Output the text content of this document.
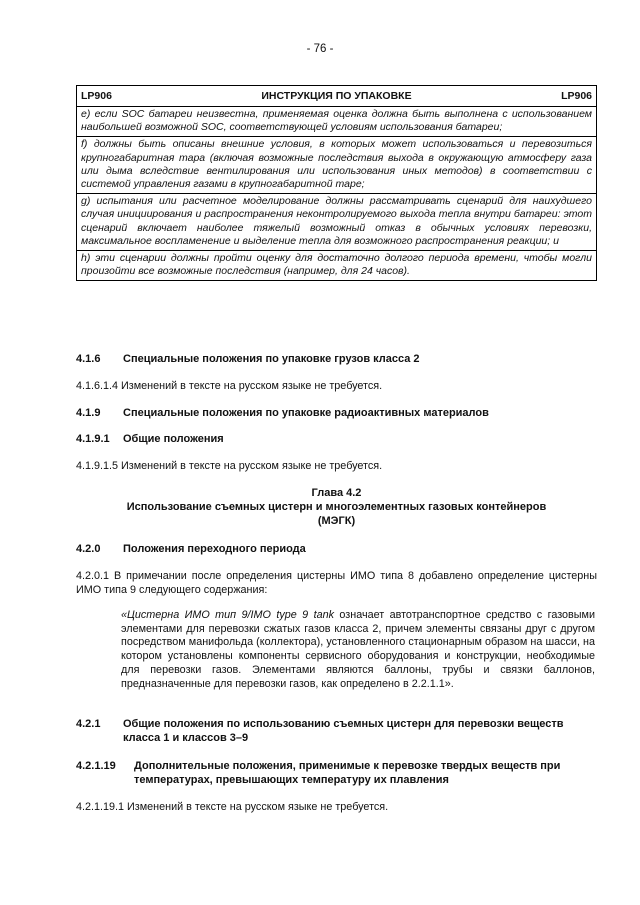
- 76 -
LP906	ИНСТРУКЦИЯ ПО УПАКОВКЕ	LP906
e) если SOC батареи неизвестна, применяемая оценка должна быть выполнена с использованием наибольшей возможной SOC, соответствующей условиям использования батареи;
f) должны быть описаны внешние условия, в которых может использоваться и перевозиться крупногабаритная тара (включая возможные последствия выхода в окружающую атмосферу газа или дыма вследствие вентилирования или использования иных методов) в соответствии с системой управления газами в крупногабаритной таре;
g) испытания или расчетное моделирование должны рассматривать сценарий для наихудшего случая инициирования и распространения неконтролируемого выхода тепла внутри батареи: этот сценарий включает наиболее тяжелый возможный отказ в обычных условиях перевозки, максимальное воспламенение и выделение тепла для возможного распространения реакции; и
h) эти сценарии должны пройти оценку для достаточно долгого периода времени, чтобы могли произойти все возможные последствия (например, для 24 часов).
4.1.6	Специальные положения по упаковке грузов класса 2
4.1.6.1.4 Изменений в тексте на русском языке не требуется.
4.1.9	Специальные положения по упаковке радиоактивных материалов
4.1.9.1	Общие положения
4.1.9.1.5 Изменений в тексте на русском языке не требуется.
Глава 4.2
Использование съемных цистерн и многоэлементных газовых контейнеров
(МЭГК)
4.2.0	Положения переходного периода
4.2.0.1 В примечании после определения цистерны ИМО типа 8 добавлено определение цистерны ИМО типа 9 следующего содержания:
«Цистерна ИМО тип 9/IMO type 9 tank означает автотранспортное средство с газовыми элементами для перевозки сжатых газов класса 2, причем элементы связаны друг с другом посредством манифольда (коллектора), установленного стационарным образом на шасси, на котором установлены компоненты сервисного оборудования и конструкции, необходимые для перевозки газов. Элементами являются баллоны, трубы и связки баллонов, предназначенные для перевозки газов, как определено в 2.2.1.1».
4.2.1	Общие положения по использованию съемных цистерн для перевозки веществ класса 1 и классов 3–9
4.2.1.19	Дополнительные положения, применимые к перевозке твердых веществ при температурах, превышающих температуру их плавления
4.2.1.19.1 Изменений в тексте на русском языке не требуется.
